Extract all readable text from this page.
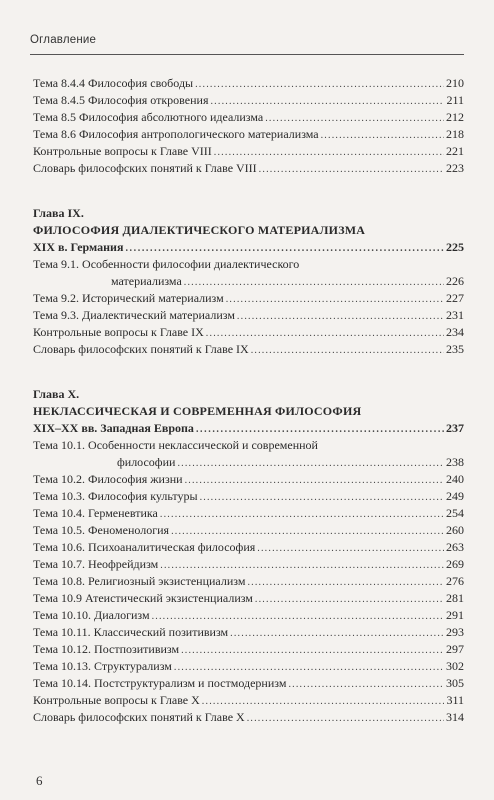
Оглавление
Тема 8.4.4 Философия свободы .....	210
Тема 8.4.5 Философия откровения .....	211
Тема 8.5 Философия абсолютного идеализма .....	212
Тема 8.6 Философия антропологического материализма .....	218
Контрольные вопросы к Главе VIII .....	221
Словарь философских понятий к Главе VIII .....	223
Глава IX.
ФИЛОСОФИЯ ДИАЛЕКТИЧЕСКОГО МАТЕРИАЛИЗМА
XIX в. Германия .....	225
Тема 9.1. Особенности философии диалектического
материализма .....	226
Тема 9.2. Исторический материализм .....	227
Тема 9.3. Диалектический материализм .....	231
Контрольные вопросы к Главе IX .....	234
Словарь философских понятий к Главе IX .....	235
Глава X.
НЕКЛАССИЧЕСКАЯ И СОВРЕМЕННАЯ ФИЛОСОФИЯ
XIX–XX вв. Западная Европа .....	237
Тема 10.1. Особенности неклассической и современной
философии .....	238
Тема 10.2. Философия жизни .....	240
Тема 10.3. Философия культуры .....	249
Тема 10.4. Герменевтика .....	254
Тема 10.5. Феноменология .....	260
Тема 10.6. Психоаналитическая философия .....	263
Тема 10.7. Неофрейдизм .....	269
Тема 10.8. Религиозный экзистенциализм .....	276
Тема 10.9 Атеистический экзистенциализм .....	281
Тема 10.10. Диалогизм .....	291
Тема 10.11. Классический позитивизм .....	293
Тема 10.12. Постпозитивизм .....	297
Тема 10.13. Структурализм .....	302
Тема 10.14. Постструктурализм и постмодернизм .....	305
Контрольные вопросы к Главе X .....	311
Словарь философских понятий к Главе X .....	314
6
